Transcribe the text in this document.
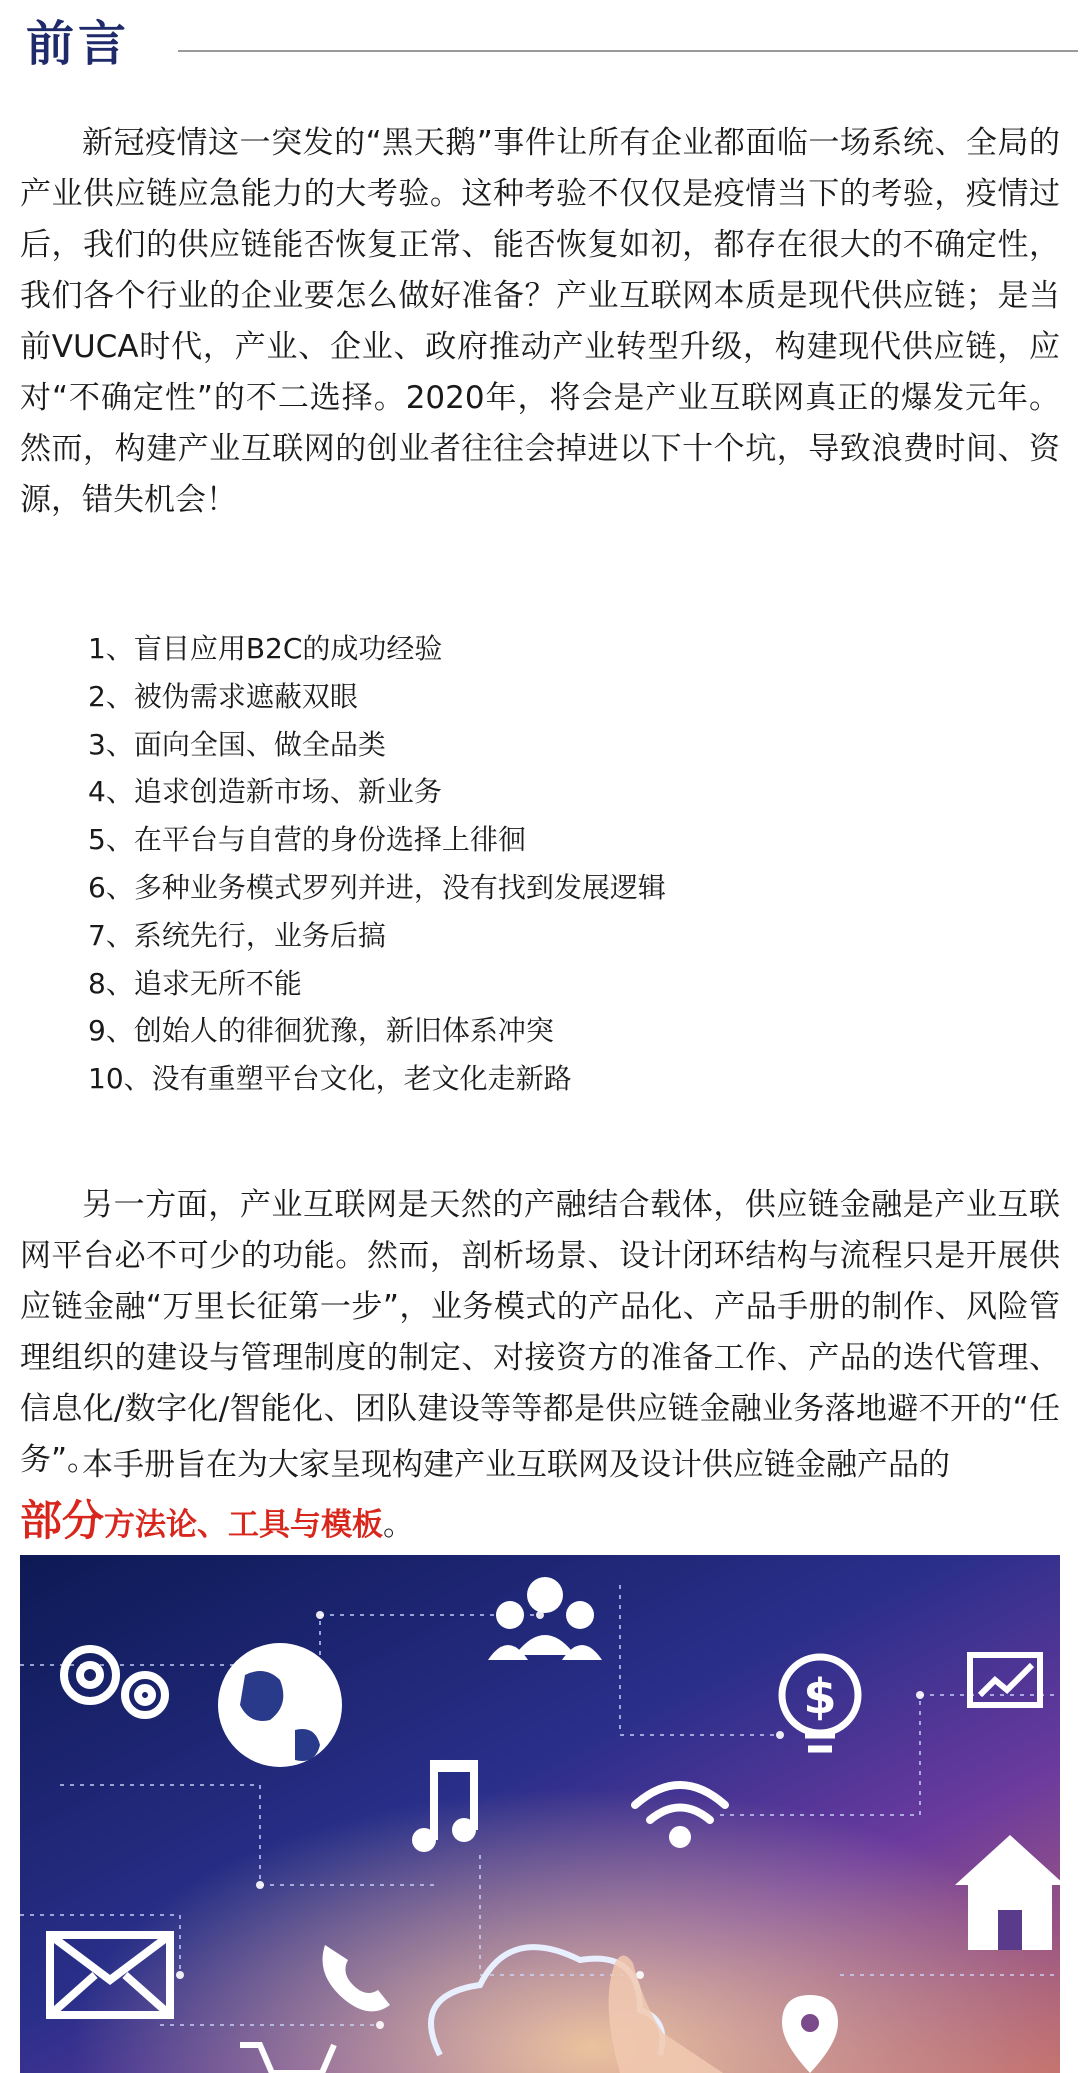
前言

新冠疫情这一突发的“黑天鹅”事件让所有企业都面临一场系统、全局的产业供应链应急能力的大考验。这种考验不仅仅是疫情当下的考验，疫情过后，我们的供应链能否恢复正常、能否恢复如初，都存在很大的不确定性，我们各个行业的企业要怎么做好准备？产业互联网本质是现代供应链；是当前VUCA时代，产业、企业、政府推动产业转型升级，构建现代供应链，应对“不确定性”的不二选择。2020年，将会是产业互联网真正的爆发元年。然而，构建产业互联网的创业者往往会掉进以下十个坑，导致浪费时间、资源，错失机会！

1、盲目应用B2C的成功经验
2、被伪需求遮蔽双眼
3、面向全国、做全品类
4、追求创造新市场、新业务
5、在平台与自营的身份选择上徘徊
6、多种业务模式罗列并进，没有找到发展逻辑
7、系统先行，业务后搞
8、追求无所不能
9、创始人的徘徊犹豫，新旧体系冲突
10、没有重塑平台文化，老文化走新路

另一方面，产业互联网是天然的产融结合载体，供应链金融是产业互联网平台必不可少的功能。然而，剖析场景、设计闭环结构与流程只是开展供应链金融“万里长征第一步”，业务模式的产品化、产品手册的制作、风险管理组织的建设与管理制度的制定、对接资方的准备工作、产品的迭代管理、信息化/数字化/智能化、团队建设等等都是供应链金融业务落地避不开的“任务”。

本手册旨在为大家呈现构建产业互联网及设计供应链金融产品的

部分方法论、工具与模板。
$
